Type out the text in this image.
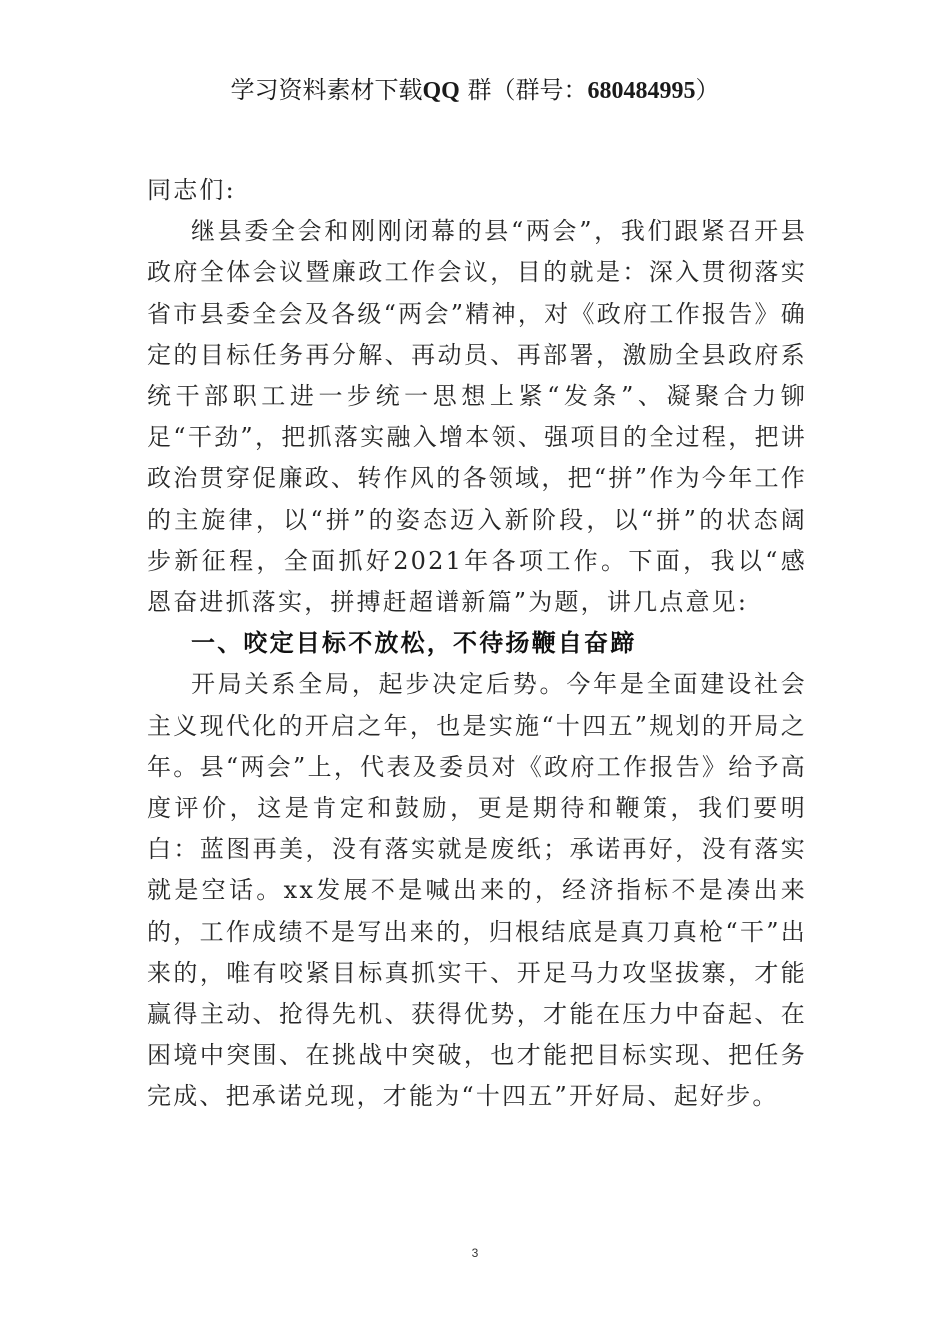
学习资料素材下载QQ 群（群号：680484995）

同志们:

继县委全会和刚刚闭幕的县“两会”，我们跟紧召开县政府全体会议暨廉政工作会议，目的就是：深入贯彻落实省市县委全会及各级“两会”精神，对《政府工作报告》确定的目标任务再分解、再动员、再部署，激励全县政府系统干部职工进一步统一思想上紧“发条”、凝聚合力铆足“干劲”，把抓落实融入增本领、强项目的全过程，把讲政治贯穿促廉政、转作风的各领域，把“拼”作为今年工作的主旋律，以“拼”的姿态迈入新阶段，以“拼”的状态阔步新征程，全面抓好2021年各项工作。下面，我以“感恩奋进抓落实，拼搏赶超谱新篇”为题，讲几点意见:

一、咬定目标不放松，不待扬鞭自奋蹄

开局关系全局，起步决定后势。今年是全面建设社会主义现代化的开启之年，也是实施“十四五”规划的开局之年。县“两会”上，代表及委员对《政府工作报告》给予高度评价，这是肯定和鼓励，更是期待和鞭策，我们要明白：蓝图再美，没有落实就是废纸；承诺再好，没有落实就是空话。xx发展不是喊出来的，经济指标不是凑出来的，工作成绩不是写出来的，归根结底是真刀真枪“干”出来的，唯有咬紧目标真抓实干、开足马力攻坚拔寨，才能赢得主动、抢得先机、获得优势，才能在压力中奋起、在困境中突围、在挑战中突破，也才能把目标实现、把任务完成、把承诺兑现，才能为“十四五”开好局、起好步。

3
